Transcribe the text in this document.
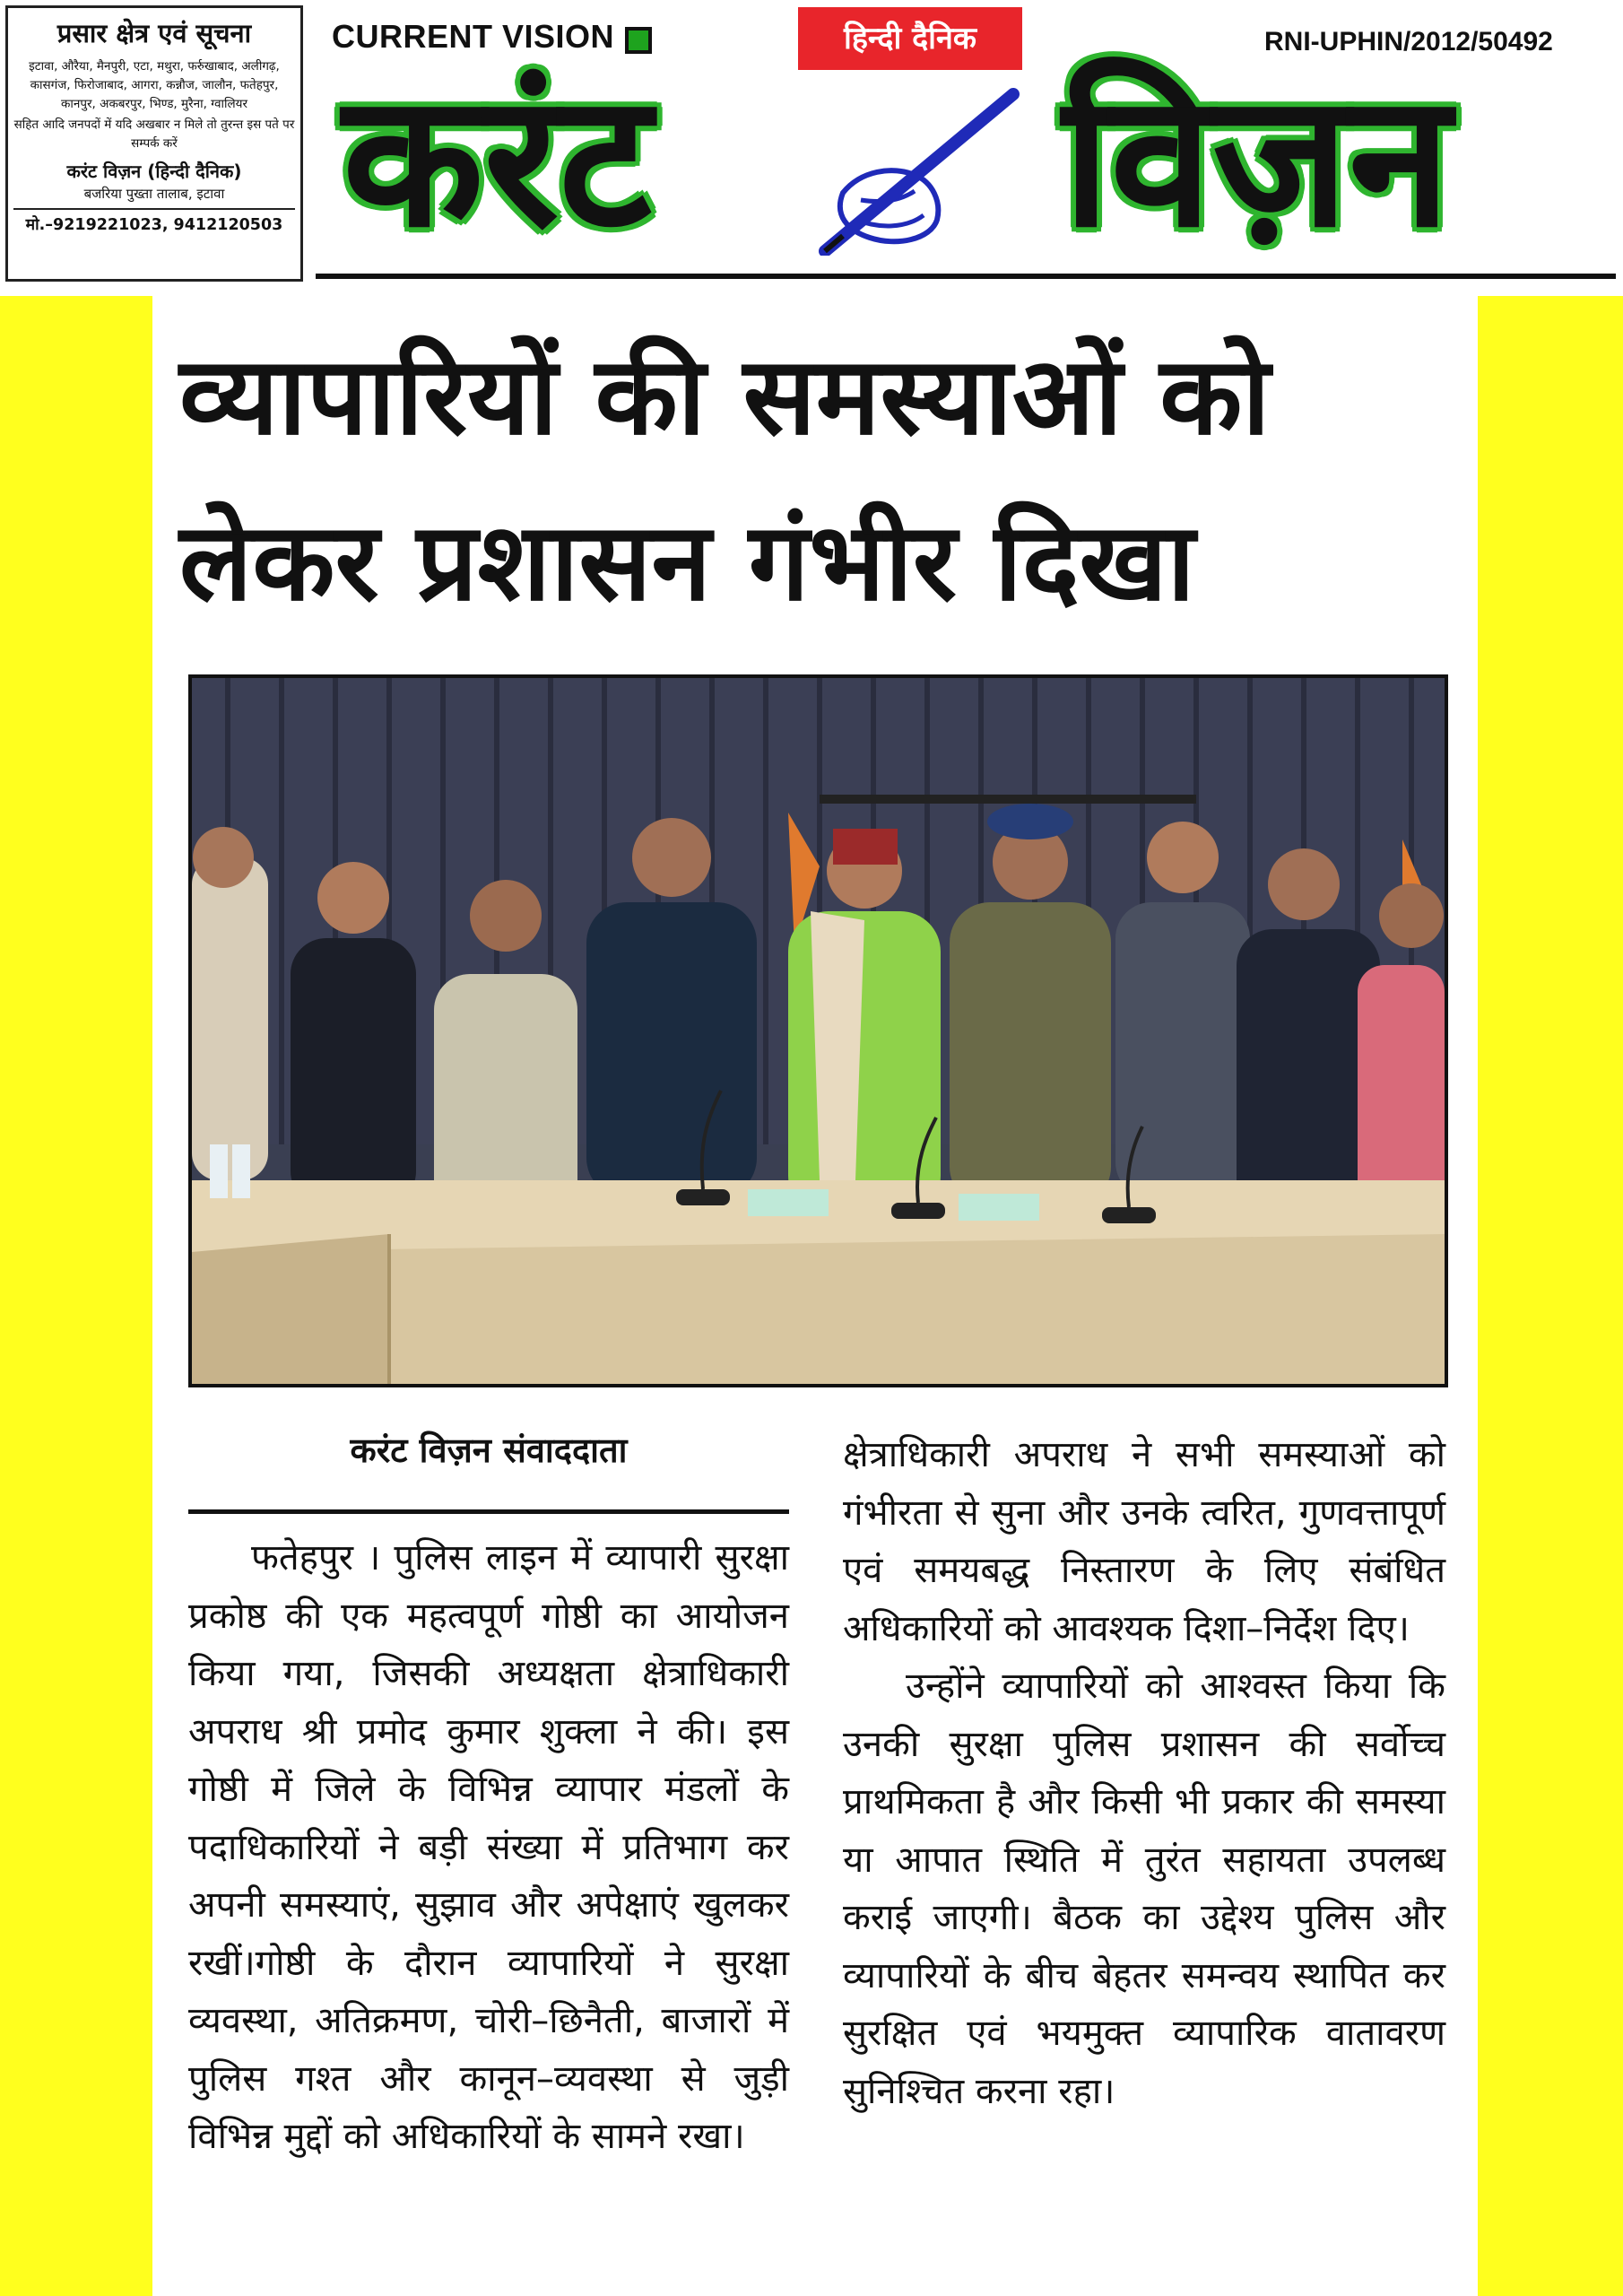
प्रसार क्षेत्र एवं सूचना
इटावा, औरैया, मैनपुरी, एटा, मथुरा, फर्रुखाबाद, अलीगढ़, कासगंज, फिरोजाबाद, आगरा, कन्नौज, जालौन, फतेहपुर, कानपुर, अकबरपुर, भिण्ड, मुरैना, ग्वालियर
सहित आदि जनपदों में यदि अखबार न मिले तो तुरन्त इस पते पर सम्पर्क करें
करंट विज़न (हिन्दी दैनिक)
बजरिया पुख्ता तालाब, इटावा
मो.–9219221023, 9412120503
CURRENT VISION	हिन्दी दैनिक	RNI-UPHIN/2012/50492
करंट विज़न
व्यापारियों की समस्याओं को लेकर प्रशासन गंभीर दिखा
करंट विज़न संवाददाता

फतेहपुर । पुलिस लाइन में व्यापारी सुरक्षा प्रकोष्ठ की एक महत्वपूर्ण गोष्ठी का आयोजन किया गया, जिसकी अध्यक्षता क्षेत्राधिकारी अपराध श्री प्रमोद कुमार शुक्ला ने की। इस गोष्ठी में जिले के विभिन्न व्यापार मंडलों के पदाधिकारियों ने बड़ी संख्या में प्रतिभाग कर अपनी समस्याएं, सुझाव और अपेक्षाएं खुलकर रखीं।गोष्ठी के दौरान व्यापारियों ने सुरक्षा व्यवस्था, अतिक्रमण, चोरी–छिनैती, बाजारों में पुलिस गश्त और कानून–व्यवस्था से जुड़ी विभिन्न मुद्दों को अधिकारियों के सामने रखा।

क्षेत्राधिकारी अपराध ने सभी समस्याओं को गंभीरता से सुना और उनके त्वरित, गुणवत्तापूर्ण एवं समयबद्ध निस्तारण के लिए संबंधित अधिकारियों को आवश्यक दिशा–निर्देश दिए।

उन्होंने व्यापारियों को आश्वस्त किया कि उनकी सुरक्षा पुलिस प्रशासन की सर्वोच्च प्राथमिकता है और किसी भी प्रकार की समस्या या आपात स्थिति में तुरंत सहायता उपलब्ध कराई जाएगी। बैठक का उद्देश्य पुलिस और व्यापारियों के बीच बेहतर समन्वय स्थापित कर सुरक्षित एवं भयमुक्त व्यापारिक वातावरण सुनिश्चित करना रहा।
